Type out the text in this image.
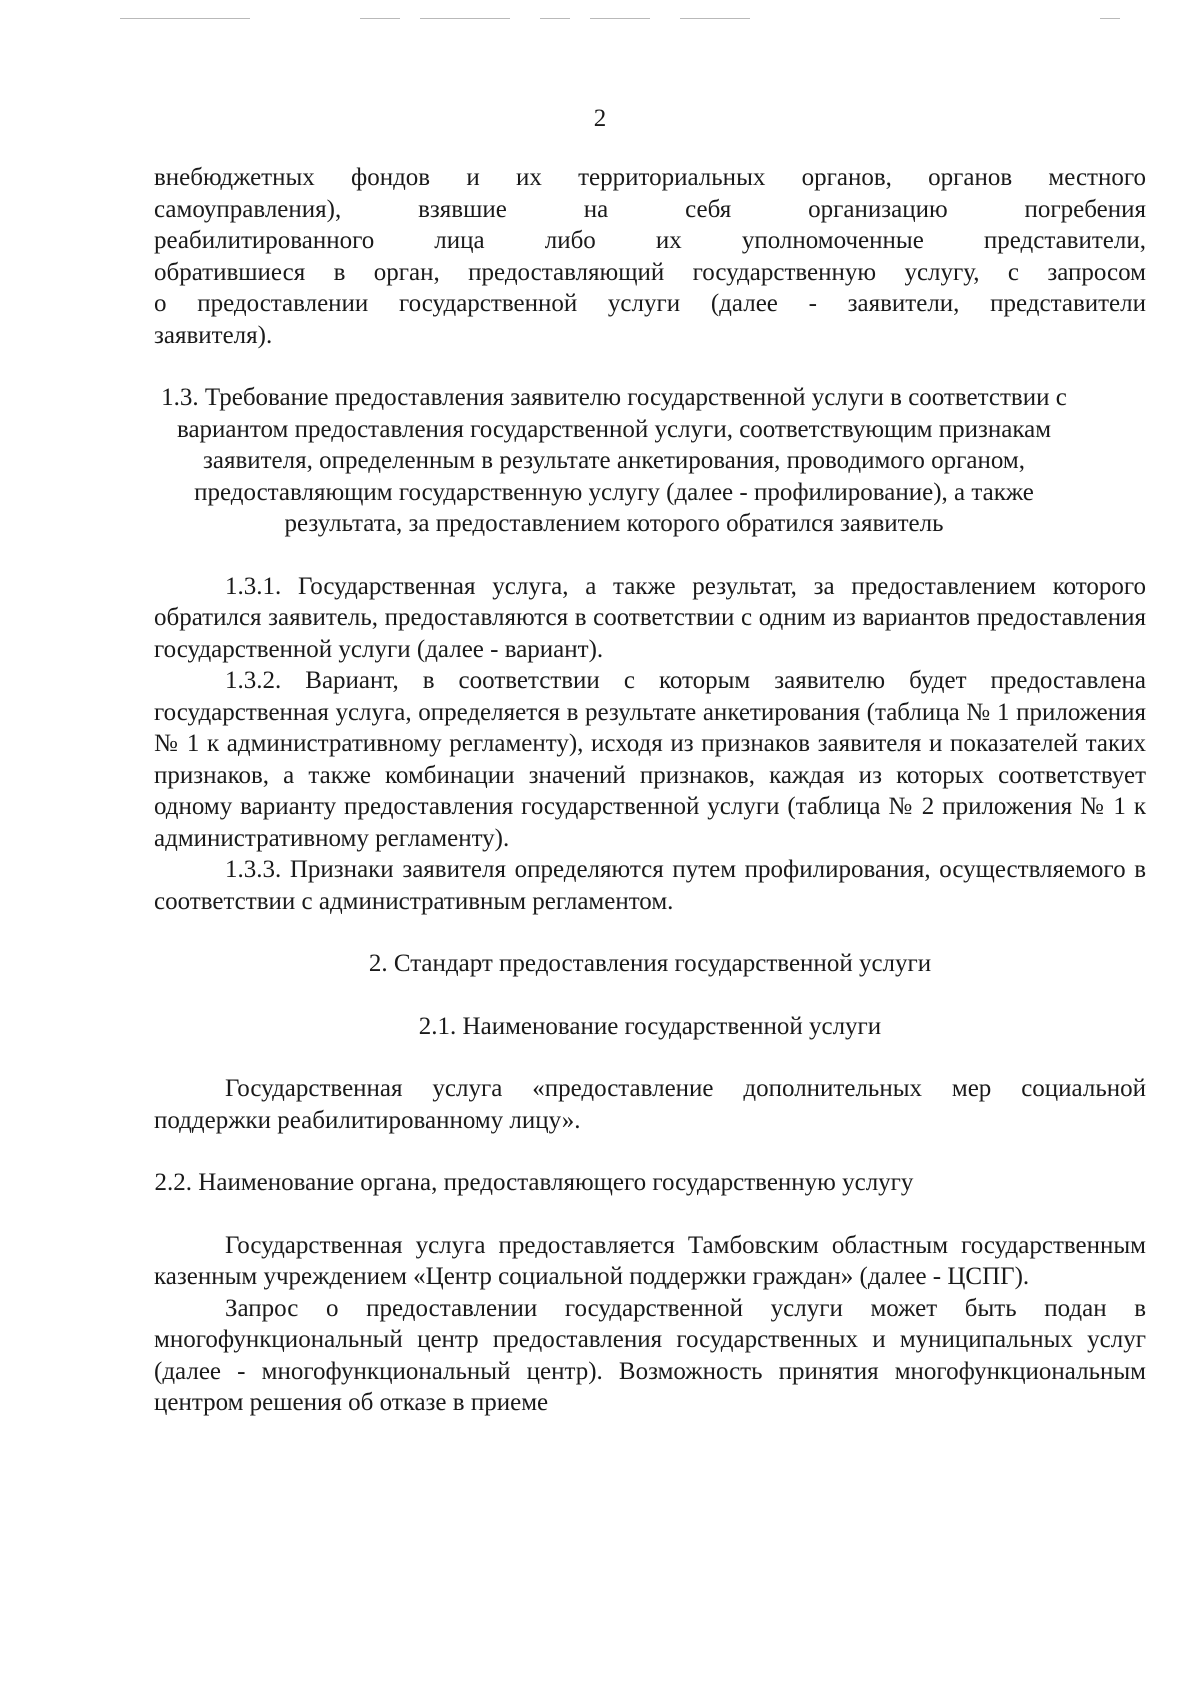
2

внебюджетных фондов и их территориальных органов, органов местного

самоуправления), взявшие на себя организацию погребения

реабилитированного лица либо их уполномоченные представители,

обратившиеся в орган, предоставляющий государственную услугу, с запросом

о предоставлении государственной услуги (далее - заявители, представители

заявителя).

1.3. Требование предоставления заявителю государственной услуги в соответствии с вариантом предоставления государственной услуги, соответствующим признакам заявителя, определенным в результате анкетирования, проводимого органом, предоставляющим государственную услугу (далее - профилирование), а также результата, за предоставлением которого обратился заявитель

1.3.1. Государственная услуга, а также результат, за предоставлением которого обратился заявитель, предоставляются в соответствии с одним из вариантов предоставления государственной услуги (далее - вариант).

1.3.2. Вариант, в соответствии с которым заявителю будет предоставлена государственная услуга, определяется в результате анкетирования (таблица № 1 приложения № 1 к административному регламенту), исходя из признаков заявителя и показателей таких признаков, а также комбинации значений признаков, каждая из которых соответствует одному варианту предоставления государственной услуги (таблица № 2 приложения № 1 к административному регламенту).

1.3.3. Признаки заявителя определяются путем профилирования, осуществляемого в соответствии с административным регламентом.

2. Стандарт предоставления государственной услуги

2.1. Наименование государственной услуги

Государственная услуга «предоставление дополнительных мер социальной поддержки реабилитированному лицу».

2.2. Наименование органа, предоставляющего государственную услугу

Государственная услуга предоставляется Тамбовским областным государственным казенным учреждением «Центр социальной поддержки граждан» (далее - ЦСПГ).

Запрос о предоставлении государственной услуги может быть подан в многофункциональный центр предоставления государственных и муниципальных услуг (далее - многофункциональный центр). Возможность принятия многофункциональным центром решения об отказе в приеме
